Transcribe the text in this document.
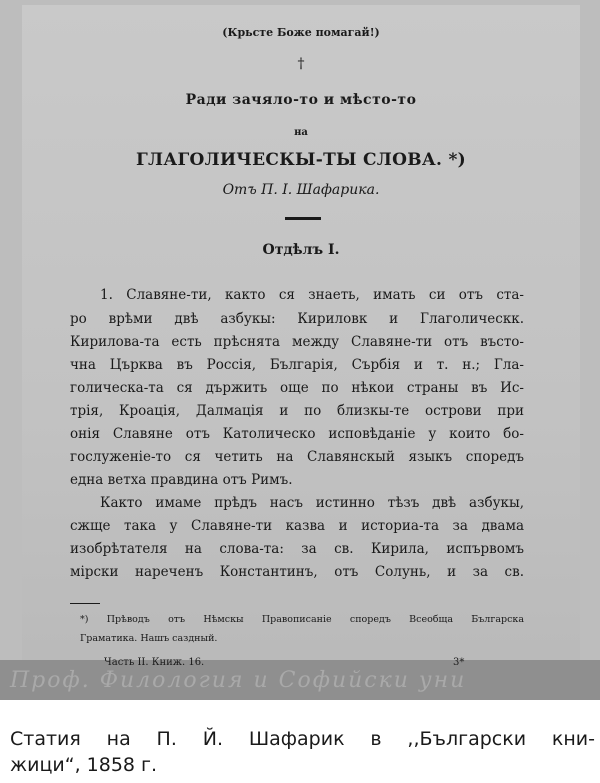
(Крьсте Боже помагай!)
†
Ради зачяло-то и мѣсто-то
на
ГЛАГОЛИЧЕСКЫ-ТЫ СЛОВА. *)
Отъ П. I. Шафарика.
Отдѣлъ I.
1. Славяне-ти, както ся знаеть, имать си отъ ста-
ро врѣми двѣ азбукы: Кириловк и Глаголическк.
Кирилова-та есть прѣснята между Славяне-ти отъ въсто-
чна Църква въ Россія, Българія, Сърбія и т. н.; Гла-
голическа-та ся държить още по нѣкои страны въ Ис-
трія, Кроація, Далмація и по близкы-те острови при
онія Славяне отъ Католическо исповѣданіе у които бо-
гослуженіе-то ся четить на Славянскый языкъ споредъ
една ветха правдина отъ Римъ.
Както имаме прѣдъ насъ истинно тѣзъ двѣ азбукы,
сжще така у Славяне-ти казва и историа-та за двама
изобрѣтателя на слова-та: за св. Кирила, испървомъ
мірски нареченъ Константинъ, отъ Солунь, и за св.
*) Прѣводъ отъ Нѣмскы Правописаніе споредъ Всеобща Българска
Граматика. Нашъ саздный.
Часть II. Книж. 16.	3*
Проф. Филология и Софийски уни
Статия на П. Й. Шафарик в ,,Български кни-
жици“, 1858 г.
